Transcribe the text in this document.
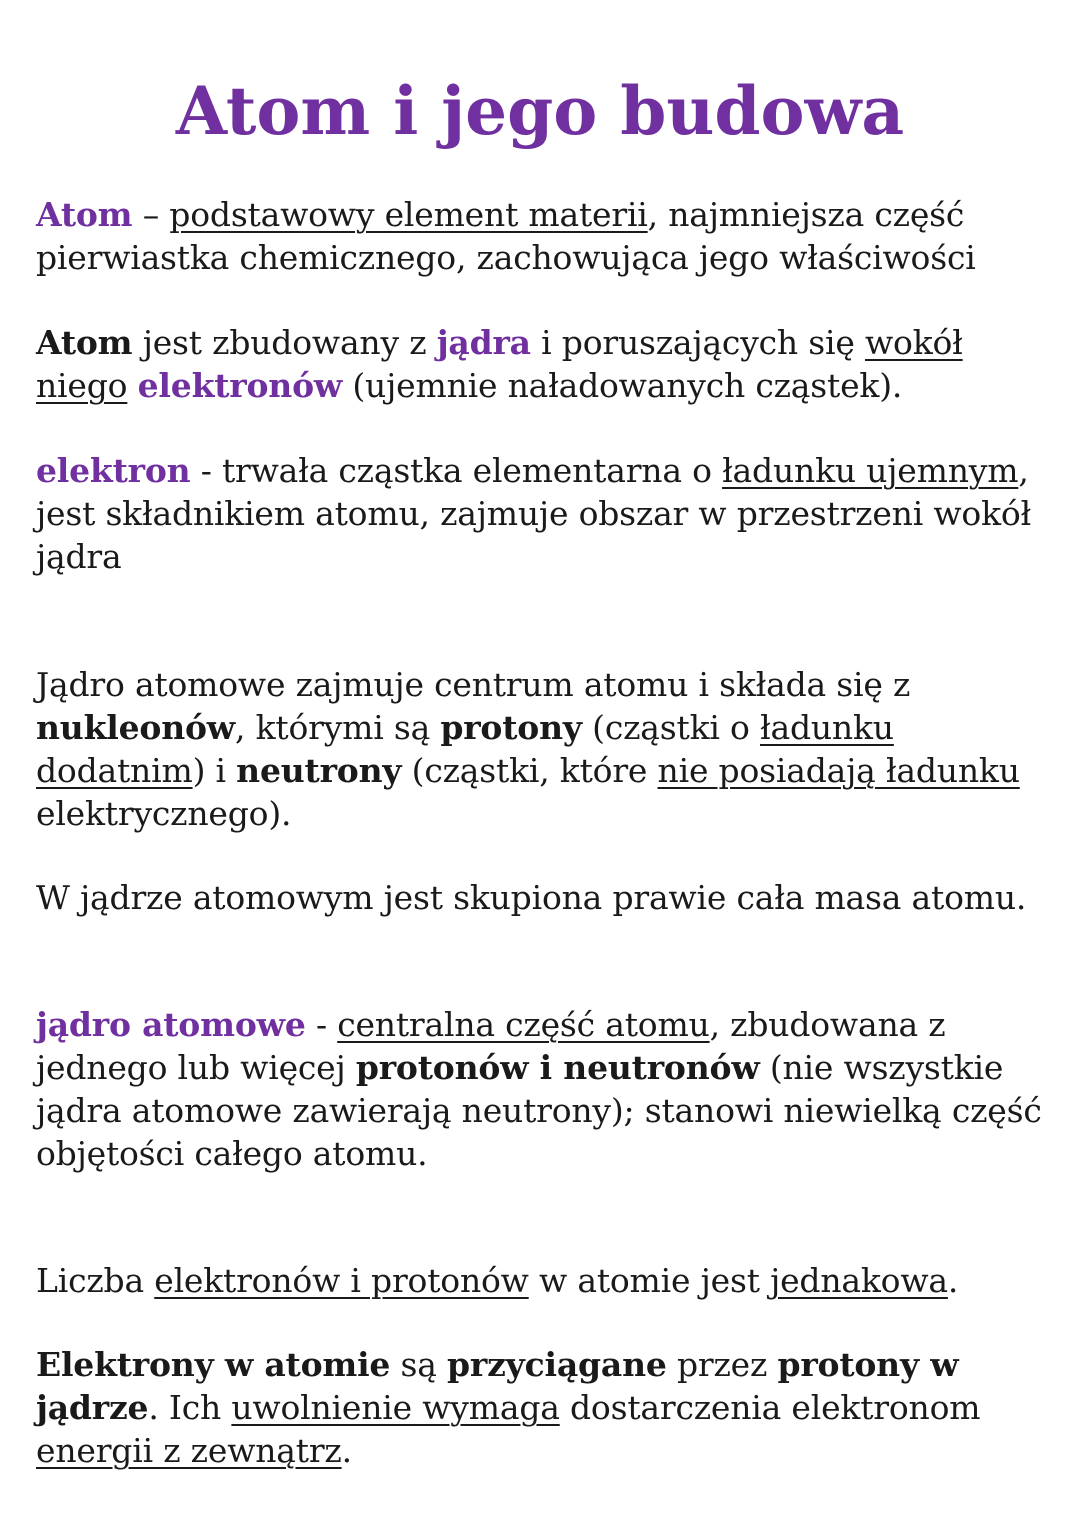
Atom i jego budowa

Atom – podstawowy element materii, najmniejsza część pierwiastka chemicznego, zachowująca jego właściwości

Atom jest zbudowany z jądra i poruszających się wokół niego elektronów (ujemnie naładowanych cząstek).

elektron - trwała cząstka elementarna o ładunku ujemnym, jest składnikiem atomu, zajmuje obszar w przestrzeni wokół jądra

Jądro atomowe zajmuje centrum atomu i składa się z nukleonów, którymi są protony (cząstki o ładunku dodatnim) i neutrony (cząstki, które nie posiadają ładunku elektrycznego).

W jądrze atomowym jest skupiona prawie cała masa atomu.

jądro atomowe - centralna część atomu, zbudowana z jednego lub więcej protonów i neutronów (nie wszystkie jądra atomowe zawierają neutrony); stanowi niewielką część objętości całego atomu.

Liczba elektronów i protonów w atomie jest jednakowa.

Elektrony w atomie są przyciągane przez protony w jądrze. Ich uwolnienie wymaga dostarczenia elektronom energii z zewnątrz.
